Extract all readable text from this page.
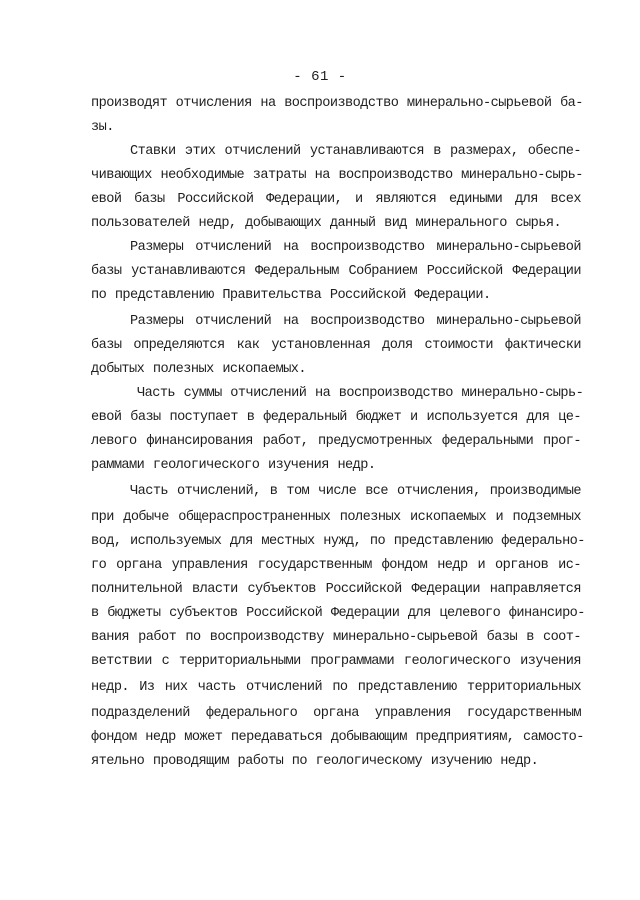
- 61 -
производят отчисления на воспроизводство минерально-сырьевой ба-
зы.
Ставки этих отчислений устанавливаются в размерах, обеспе-
чивающих необходимые затраты на воспроизводство минерально-сырь-
евой базы Российской Федерации, и являются едиными для всех
пользователей недр, добывающих данный вид минерального сырья.
Размеры отчислений на воспроизводство минерально-сырьевой
базы устанавливаются Федеральным Собранием Российской Федерации
по представлению Правительства Российской Федерации.
Размеры отчислений на воспроизводство минерально-сырьевой
базы определяются как установленная доля стоимости фактически
добытых полезных ископаемых.
Часть суммы отчислений на воспроизводство минерально-сырь-
евой базы поступает в федеральный бюджет и используется для це-
левого финансирования работ, предусмотренных федеральными прог-
раммами геологического изучения недр.
Часть отчислений, в том числе все отчисления, производимые
при добыче общераспространенных полезных ископаемых и подземных
вод, используемых для местных нужд, по представлению федерально-
го органа управления государственным фондом недр и органов ис-
полнительной власти субъектов Российской Федерации направляется
в бюджеты субъектов Российской Федерации для целевого финансиро-
вания работ по воспроизводству минерально-сырьевой базы в соот-
ветствии с территориальными программами геологического изучения
недр. Из них часть отчислений по представлению территориальных
подразделений федерального органа управления государственным
фондом недр может передаваться добывающим предприятиям, самосто-
ятельно проводящим работы по геологическому изучению недр.
